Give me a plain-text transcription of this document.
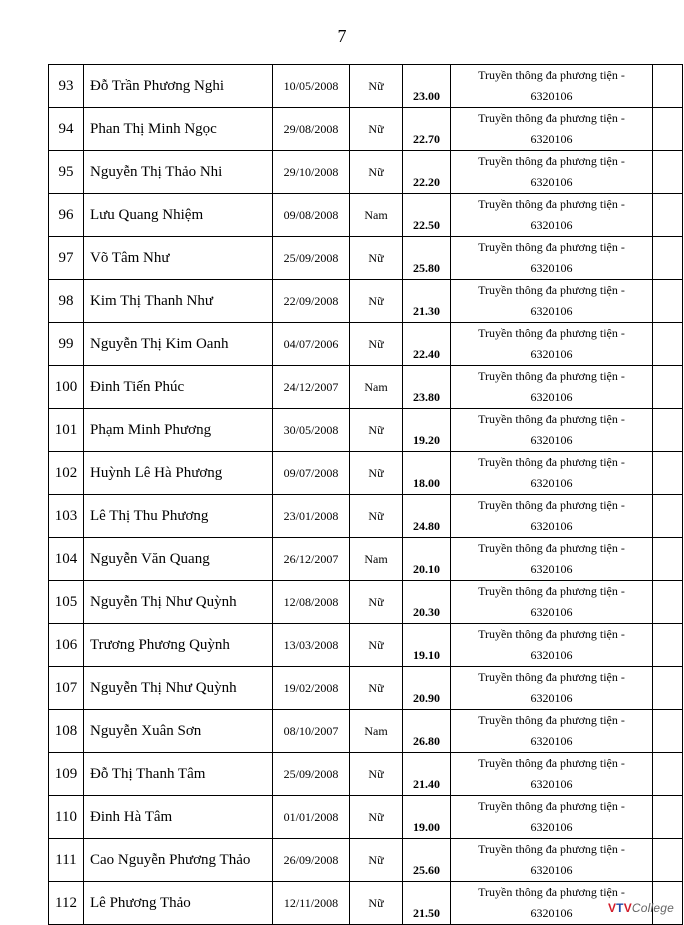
7
93	Đỗ Trần Phương Nghi	10/05/2008	Nữ	23.00	Truyền thông đa phương tiện -
6320106	

94	Phan Thị Minh Ngọc	29/08/2008	Nữ	22.70	Truyền thông đa phương tiện -
6320106	

95	Nguyễn Thị Thảo Nhi	29/10/2008	Nữ	22.20	Truyền thông đa phương tiện -
6320106	

96	Lưu Quang Nhiệm	09/08/2008	Nam	22.50	Truyền thông đa phương tiện -
6320106	

97	Võ Tâm Như	25/09/2008	Nữ	25.80	Truyền thông đa phương tiện -
6320106	

98	Kim Thị Thanh Như	22/09/2008	Nữ	21.30	Truyền thông đa phương tiện -
6320106	

99	Nguyễn Thị Kim Oanh	04/07/2006	Nữ	22.40	Truyền thông đa phương tiện -
6320106	

100	Đinh Tiến Phúc	24/12/2007	Nam	23.80	Truyền thông đa phương tiện -
6320106	

101	Phạm Minh Phương	30/05/2008	Nữ	19.20	Truyền thông đa phương tiện -
6320106	

102	Huỳnh Lê Hà Phương	09/07/2008	Nữ	18.00	Truyền thông đa phương tiện -
6320106	

103	Lê Thị Thu Phương	23/01/2008	Nữ	24.80	Truyền thông đa phương tiện -
6320106	

104	Nguyễn Văn Quang	26/12/2007	Nam	20.10	Truyền thông đa phương tiện -
6320106	

105	Nguyễn Thị Như Quỳnh	12/08/2008	Nữ	20.30	Truyền thông đa phương tiện -
6320106	

106	Trương Phương Quỳnh	13/03/2008	Nữ	19.10	Truyền thông đa phương tiện -
6320106	

107	Nguyễn Thị Như Quỳnh	19/02/2008	Nữ	20.90	Truyền thông đa phương tiện -
6320106	

108	Nguyễn Xuân Sơn	08/10/2007	Nam	26.80	Truyền thông đa phương tiện -
6320106	

109	Đỗ Thị Thanh Tâm	25/09/2008	Nữ	21.40	Truyền thông đa phương tiện -
6320106	

110	Đinh Hà Tâm	01/01/2008	Nữ	19.00	Truyền thông đa phương tiện -
6320106	

111	Cao Nguyễn Phương Thảo	26/09/2008	Nữ	25.60	Truyền thông đa phương tiện -
6320106	

112	Lê Phương Thảo	12/11/2008	Nữ	21.50	Truyền thông đa phương tiện -
6320106	
		VTVCollege
